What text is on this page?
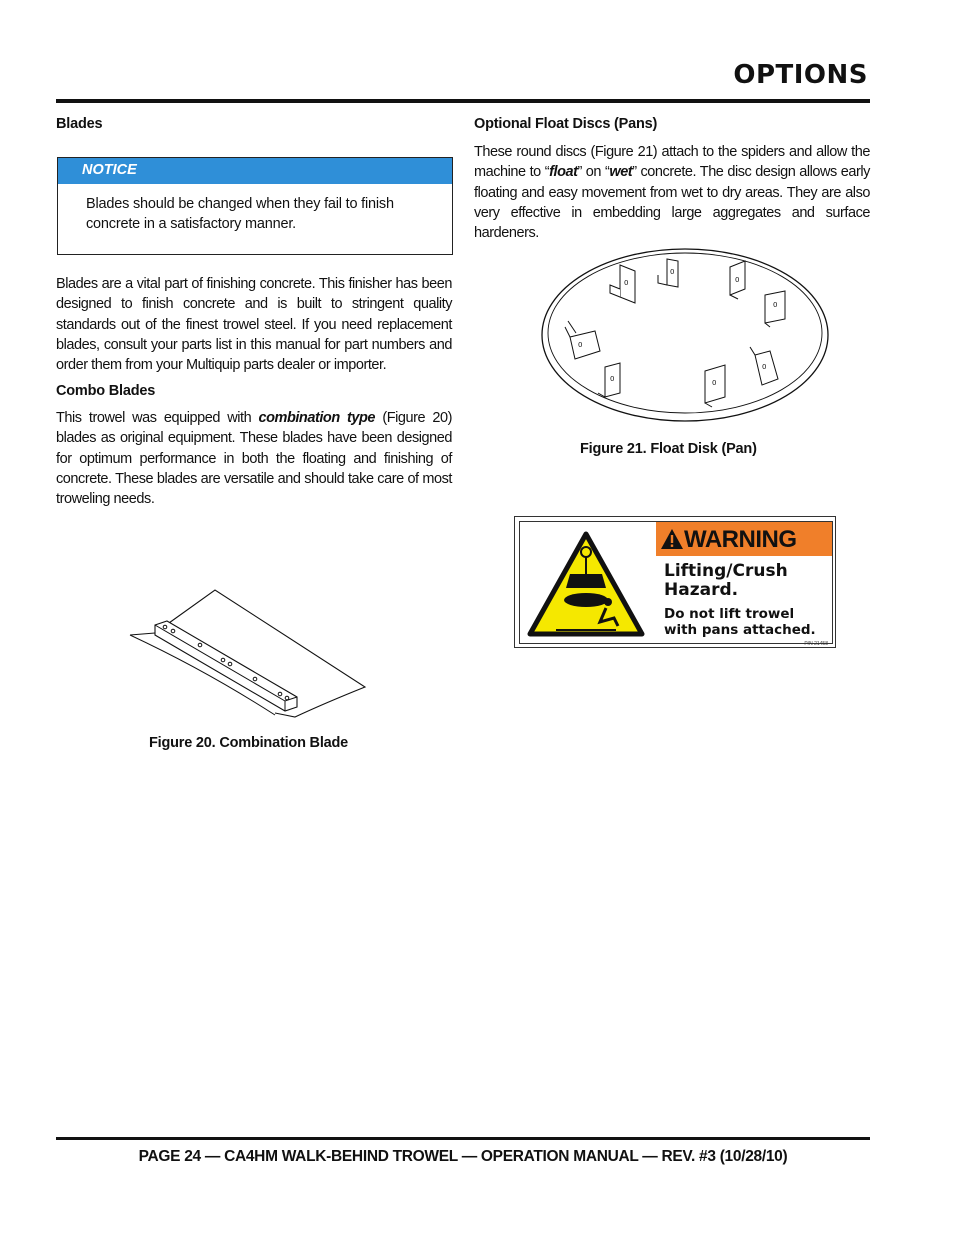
OPTIONS
Blades
NOTICE
Blades should be changed when they fail to finish concrete in a satisfactory manner.
Blades are a vital part of finishing concrete. This finisher has been designed to finish concrete and is built to stringent quality standards out of the finest trowel steel. If you need replacement blades, consult your parts list in this manual for part numbers and order them from your Multiquip parts dealer or importer.
Combo Blades
This trowel was equipped with combination type (Figure 20) blades as original equipment. These blades have been designed for optimum performance in both the floating and finishing of concrete. These blades are versatile and should take care of most troweling needs.
Figure 20. Combination Blade
Optional Float Discs (Pans)
These round discs (Figure 21) attach to the spiders and allow the machine to “float” on “wet” concrete. The disc design allows early floating and easy movement from wet to dry areas. They are also very effective in embedding large aggregates and surface hardeners.
0
0
0
0
0
0	0
0
Figure 21. Float Disk (Pan)
WARNING
Lifting/Crush
Hazard.
Do not lift trowel
with pans attached.
P/N 21458
PAGE 24 — CA4HM WALK-BEHIND TROWEL — OPERATION MANUAL — REV. #3 (10/28/10)
